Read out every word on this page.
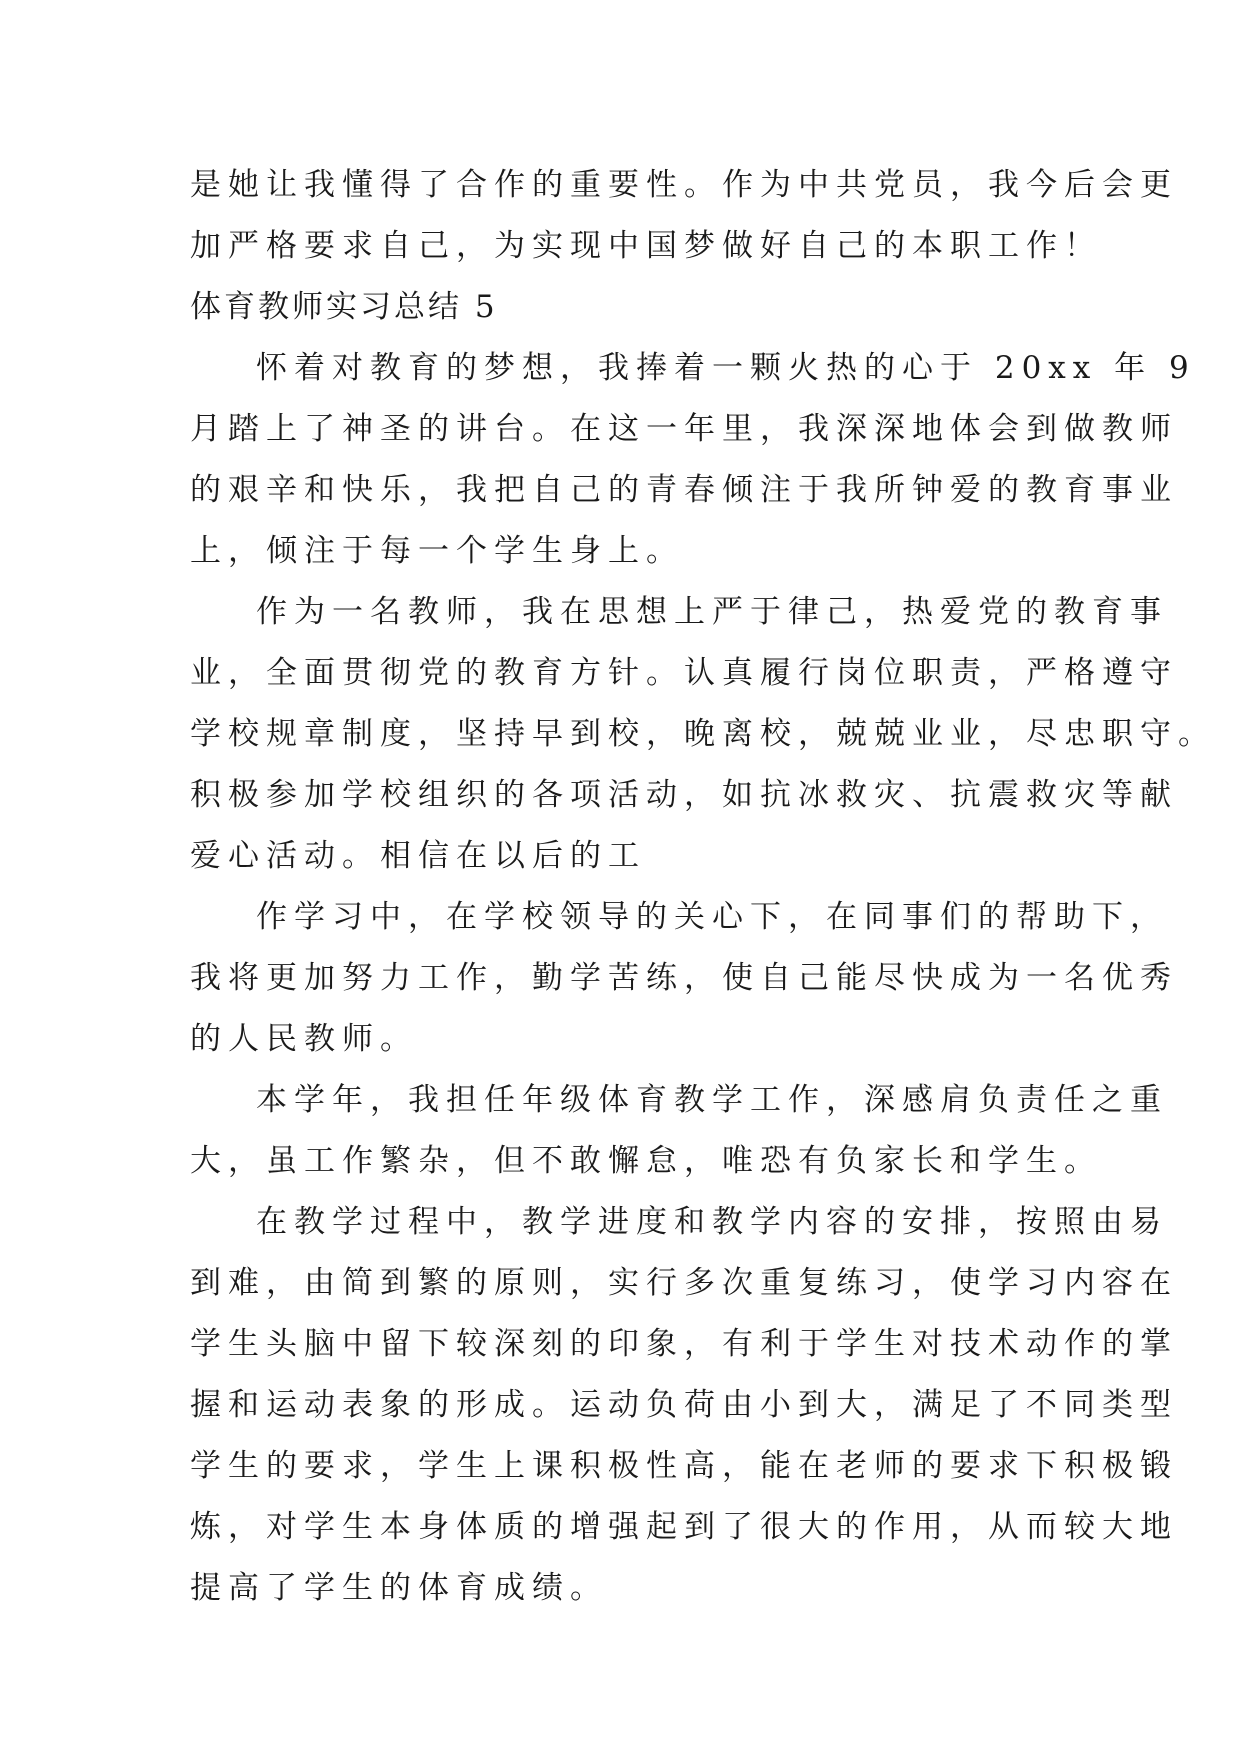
是她让我懂得了合作的重要性。作为中共党员，我今后会更
加严格要求自己，为实现中国梦做好自己的本职工作！
体育教师实习总结 5
怀着对教育的梦想，我捧着一颗火热的心于 20xx 年 9
月踏上了神圣的讲台。在这一年里，我深深地体会到做教师
的艰辛和快乐，我把自己的青春倾注于我所钟爱的教育事业
上，倾注于每一个学生身上。
作为一名教师，我在思想上严于律己，热爱党的教育事
业，全面贯彻党的教育方针。认真履行岗位职责，严格遵守
学校规章制度，坚持早到校，晚离校，兢兢业业，尽忠职守。
积极参加学校组织的各项活动，如抗冰救灾、抗震救灾等献
爱心活动。相信在以后的工
作学习中，在学校领导的关心下，在同事们的帮助下，
我将更加努力工作，勤学苦练，使自己能尽快成为一名优秀
的人民教师。
本学年，我担任年级体育教学工作，深感肩负责任之重
大，虽工作繁杂，但不敢懈怠，唯恐有负家长和学生。
在教学过程中，教学进度和教学内容的安排，按照由易
到难，由简到繁的原则，实行多次重复练习，使学习内容在
学生头脑中留下较深刻的印象，有利于学生对技术动作的掌
握和运动表象的形成。运动负荷由小到大，满足了不同类型
学生的要求，学生上课积极性高，能在老师的要求下积极锻
炼，对学生本身体质的增强起到了很大的作用，从而较大地
提高了学生的体育成绩。
